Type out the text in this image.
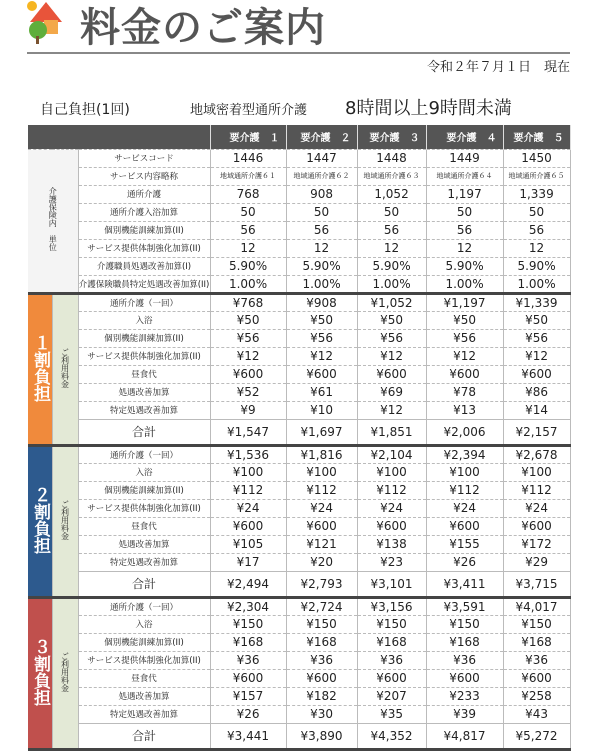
料金のご案内
令和２年７月１日　現在
自己負担(1回)	地域密着型通所介護 8時間以上9時間未満
			要介護　１	要介護　２	要介護　３	要介護　４	要介護　５
介護保険内　単位		サービスコード	1446	1447	1448	1449	1450
		サービス内容略称	地域通所介護６１	地域通所介護６２	地域通所介護６３	地域通所介護６４	地域通所介護６５
		通所介護	768	908	1,052	1,197	1,339
		通所介護入浴加算	50	50	50	50	50
		個別機能訓練加算(II)	56	56	56	56	56
		サービス提供体制強化加算(II)	12	12	12	12	12
		介護職員処遇改善加算(I)	5.90%	5.90%	5.90%	5.90%	5.90%
		介護保険職員特定処遇改善加算(II)	1.00%	1.00%	1.00%	1.00%	1.00%
１割負担	ご利用料金	通所介護（一回）	¥768	¥908	¥1,052	¥1,197	¥1,339
		入浴	¥50	¥50	¥50	¥50	¥50
		個別機能訓練加算(II)	¥56	¥56	¥56	¥56	¥56
		サービス提供体制強化加算(II)	¥12	¥12	¥12	¥12	¥12
		昼食代	¥600	¥600	¥600	¥600	¥600
		処遇改善加算	¥52	¥61	¥69	¥78	¥86
		特定処遇改善加算	¥9	¥10	¥12	¥13	¥14
		合計	¥1,547	¥1,697	¥1,851	¥2,006	¥2,157
２割負担	ご利用料金	通所介護（一回）	¥1,536	¥1,816	¥2,104	¥2,394	¥2,678
		入浴	¥100	¥100	¥100	¥100	¥100
		個別機能訓練加算(II)	¥112	¥112	¥112	¥112	¥112
		サービス提供体制強化加算(II)	¥24	¥24	¥24	¥24	¥24
		昼食代	¥600	¥600	¥600	¥600	¥600
		処遇改善加算	¥105	¥121	¥138	¥155	¥172
		特定処遇改善加算	¥17	¥20	¥23	¥26	¥29
		合計	¥2,494	¥2,793	¥3,101	¥3,411	¥3,715
３割負担	ご利用料金	通所介護（一回）	¥2,304	¥2,724	¥3,156	¥3,591	¥4,017
		入浴	¥150	¥150	¥150	¥150	¥150
		個別機能訓練加算(II)	¥168	¥168	¥168	¥168	¥168
		サービス提供体制強化加算(II)	¥36	¥36	¥36	¥36	¥36
		昼食代	¥600	¥600	¥600	¥600	¥600
		処遇改善加算	¥157	¥182	¥207	¥233	¥258
		特定処遇改善加算	¥26	¥30	¥35	¥39	¥43
		合計	¥3,441	¥3,890	¥4,352	¥4,817	¥5,272
